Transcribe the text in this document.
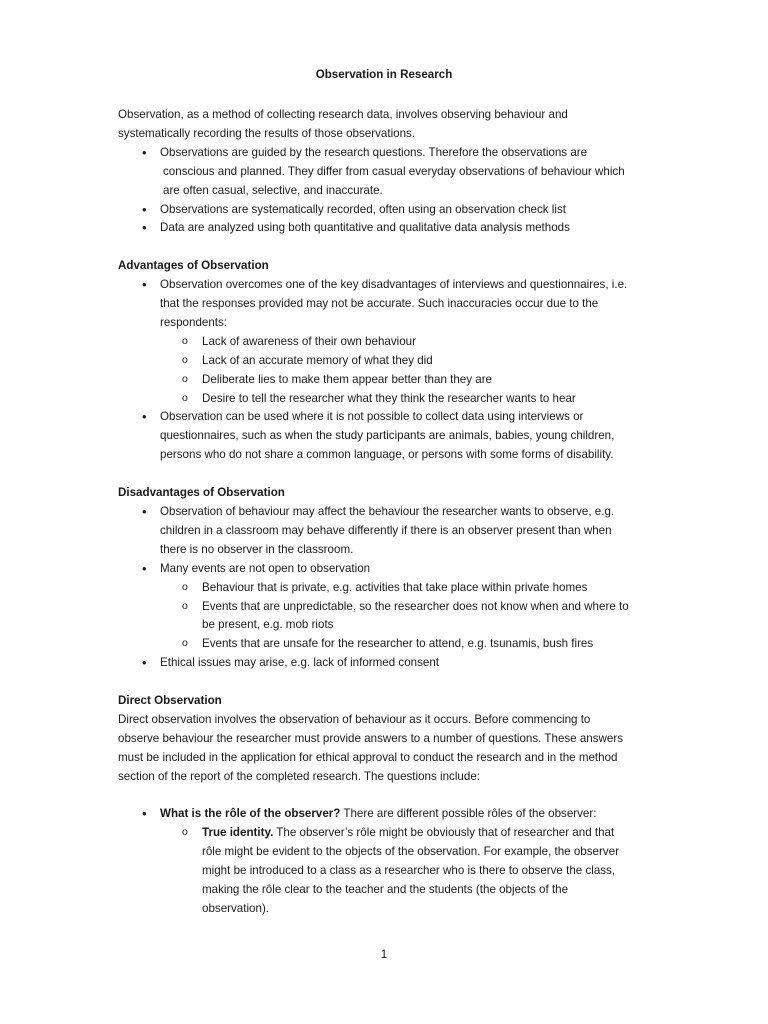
Observation in Research

Observation, as a method of collecting research data, involves observing behaviour and

systematically recording the results of those observations.

• Observations are guided by the research questions. Therefore the observations are
conscious and planned. They differ from casual everyday observations of behaviour which
are often casual, selective, and inaccurate.
• Observations are systematically recorded, often using an observation check list
• Data are analyzed using both quantitative and qualitative data analysis methods

Advantages of Observation

• Observation overcomes one of the key disadvantages of interviews and questionnaires, i.e.
that the responses provided may not be accurate. Such inaccuracies occur due to the
respondents:
o Lack of awareness of their own behaviour
o Lack of an accurate memory of what they did
o Deliberate lies to make them appear better than they are
o Desire to tell the researcher what they think the researcher wants to hear
• Observation can be used where it is not possible to collect data using interviews or
questionnaires, such as when the study participants are animals, babies, young children,
persons who do not share a common language, or persons with some forms of disability.

Disadvantages of Observation

• Observation of behaviour may affect the behaviour the researcher wants to observe, e.g.
children in a classroom may behave differently if there is an observer present than when
there is no observer in the classroom.
• Many events are not open to observation
o Behaviour that is private, e.g. activities that take place within private homes
o Events that are unpredictable, so the researcher does not know when and where to
be present, e.g. mob riots
o Events that are unsafe for the researcher to attend, e.g. tsunamis, bush fires
• Ethical issues may arise, e.g. lack of informed consent

Direct Observation

Direct observation involves the observation of behaviour as it occurs. Before commencing to

observe behaviour the researcher must provide answers to a number of questions. These answers

must be included in the application for ethical approval to conduct the research and in the method

section of the report of the completed research. The questions include:

• What is the rôle of the observer? There are different possible rôles of the observer:
o True identity. The observer’s rôle might be obviously that of researcher and that
rôle might be evident to the objects of the observation. For example, the observer
might be introduced to a class as a researcher who is there to observe the class,
making the rôle clear to the teacher and the students (the objects of the
observation).
1
